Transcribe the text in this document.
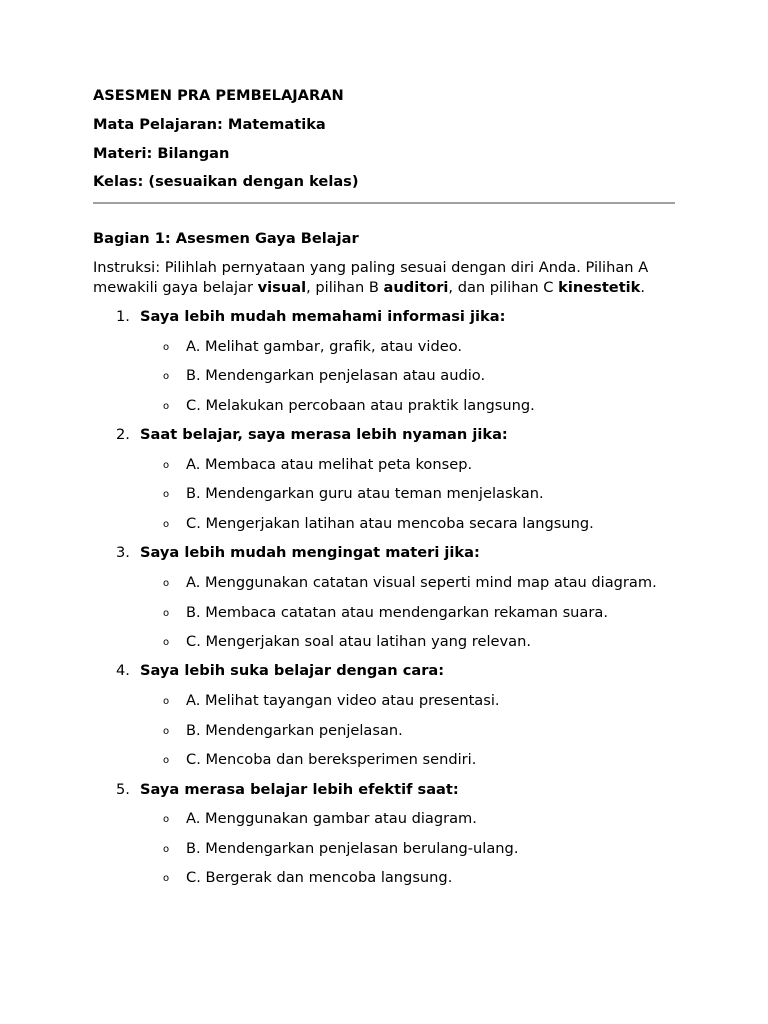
ASESMEN PRA PEMBELAJARAN

Mata Pelajaran: Matematika

Materi: Bilangan

Kelas: (sesuaikan dengan kelas)

Bagian 1: Asesmen Gaya Belajar

Instruksi: Pilihlah pernyataan yang paling sesuai dengan diri Anda. Pilihan A mewakili gaya belajar visual, pilihan B auditori, dan pilihan C kinestetik.

1. Saya lebih mudah memahami informasi jika:

o A. Melihat gambar, grafik, atau video.
o B. Mendengarkan penjelasan atau audio.
o C. Melakukan percobaan atau praktik langsung.
2. Saat belajar, saya merasa lebih nyaman jika:

o A. Membaca atau melihat peta konsep.
o B. Mendengarkan guru atau teman menjelaskan.
o C. Mengerjakan latihan atau mencoba secara langsung.
3. Saya lebih mudah mengingat materi jika:

o A. Menggunakan catatan visual seperti mind map atau diagram.
o B. Membaca catatan atau mendengarkan rekaman suara.
o C. Mengerjakan soal atau latihan yang relevan.
4. Saya lebih suka belajar dengan cara:

o A. Melihat tayangan video atau presentasi.
o B. Mendengarkan penjelasan.
o C. Mencoba dan bereksperimen sendiri.
5. Saya merasa belajar lebih efektif saat:

o A. Menggunakan gambar atau diagram.
o B. Mendengarkan penjelasan berulang-ulang.
o C. Bergerak dan mencoba langsung.
